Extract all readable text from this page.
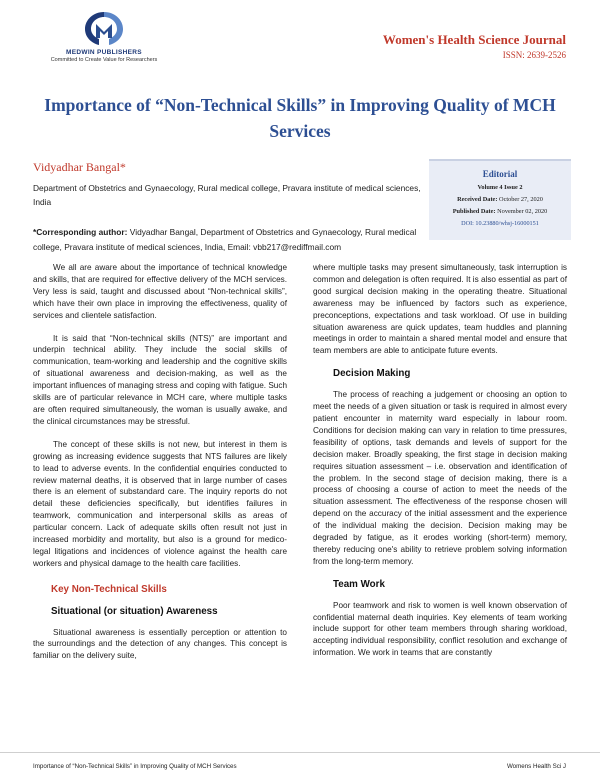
MEDWIN PUBLISHERS
Committed to Create Value for Researchers
Women's Health Science Journal
ISSN: 2639-2526
Importance of “Non-Technical Skills” in Improving Quality of MCH Services
Vidyadhar Bangal*
Department of Obstetrics and Gynaecology, Rural medical college, Pravara institute of medical sciences, India
*Corresponding author: Vidyadhar Bangal, Department of Obstetrics and Gynaecology, Rural medical college, Pravara institute of medical sciences, India, Email: vbb217@rediffmail.com
Editorial
Volume 4 Issue 2
Received Date: October 27, 2020
Published Date: November 02, 2020
DOI: 10.23880/whsj-16000151

We all are aware about the importance of technical knowledge and skills, that are required for effective delivery of the MCH services. Very less is said, taught and discussed about “Non-technical skills”, which have their own place in improving the effectiveness, quality of services and clientele satisfaction.

It is said that “Non-technical skills (NTS)” are important and underpin technical ability. They include the social skills of communication, team-working and leadership and the cognitive skills of situational awareness and decision-making, as well as the important influences of managing stress and coping with fatigue. Such skills are of particular relevance in MCH care, where multiple tasks are often required simultaneously, the woman is usually awake, and the clinical circumstances may be stressful.

The concept of these skills is not new, but interest in them is growing as increasing evidence suggests that NTS failures are likely to lead to adverse events. In the confidential enquiries conducted to review maternal deaths, it is observed that in large number of cases there is an element of substandard care. The inquiry reports do not detail these deficiencies specifically, but identifies failures in teamwork, communication and interpersonal skills as areas of particular concern. Lack of adequate skills often result not just in increased morbidity and mortality, but also is a ground for medico-legal litigations and incidences of violence against the health care workers and physical damage to the health care facilities.

Key Non-Technical Skills
Situational (or situation) Awareness

Situational awareness is essentially perception or attention to the surroundings and the detection of any changes. This concept is familiar on the delivery suite,

where multiple tasks may present simultaneously, task interruption is common and delegation is often required. It is also essential as part of good surgical decision making in the operating theatre. Situational awareness may be influenced by factors such as experience, preconceptions, expectations and task workload. Of use in building situation awareness are quick updates, team huddles and planning meetings in order to maintain a shared mental model and ensure that team members are able to anticipate future events.

Decision Making

The process of reaching a judgement or choosing an option to meet the needs of a given situation or task is required in almost every patient encounter in maternity ward especially in labour room. Conditions for decision making can vary in relation to time pressures, feasibility of options, task demands and levels of support for the decision maker. Broadly speaking, the first stage in decision making requires situation assessment – i.e. observation and identification of the problem. In the second stage of decision making, there is a process of choosing a course of action to meet the needs of the situation assessment. The effectiveness of the response chosen will depend on the accuracy of the initial assessment and the experience of the individual making the decision. Decision making may be degraded by fatigue, as it erodes working (short-term) memory, thereby reducing one's ability to retrieve problem solving information from the long-term memory.

Team Work

Poor teamwork and risk to women is well known observation of confidential maternal death inquiries. Key elements of team working include support for other team members through sharing workload, accepting individual responsibility, conflict resolution and exchange of information. We work in teams that are constantly

Importance of “Non-Technical Skills” in Improving Quality of MCH Services	Womens Health Sci J
